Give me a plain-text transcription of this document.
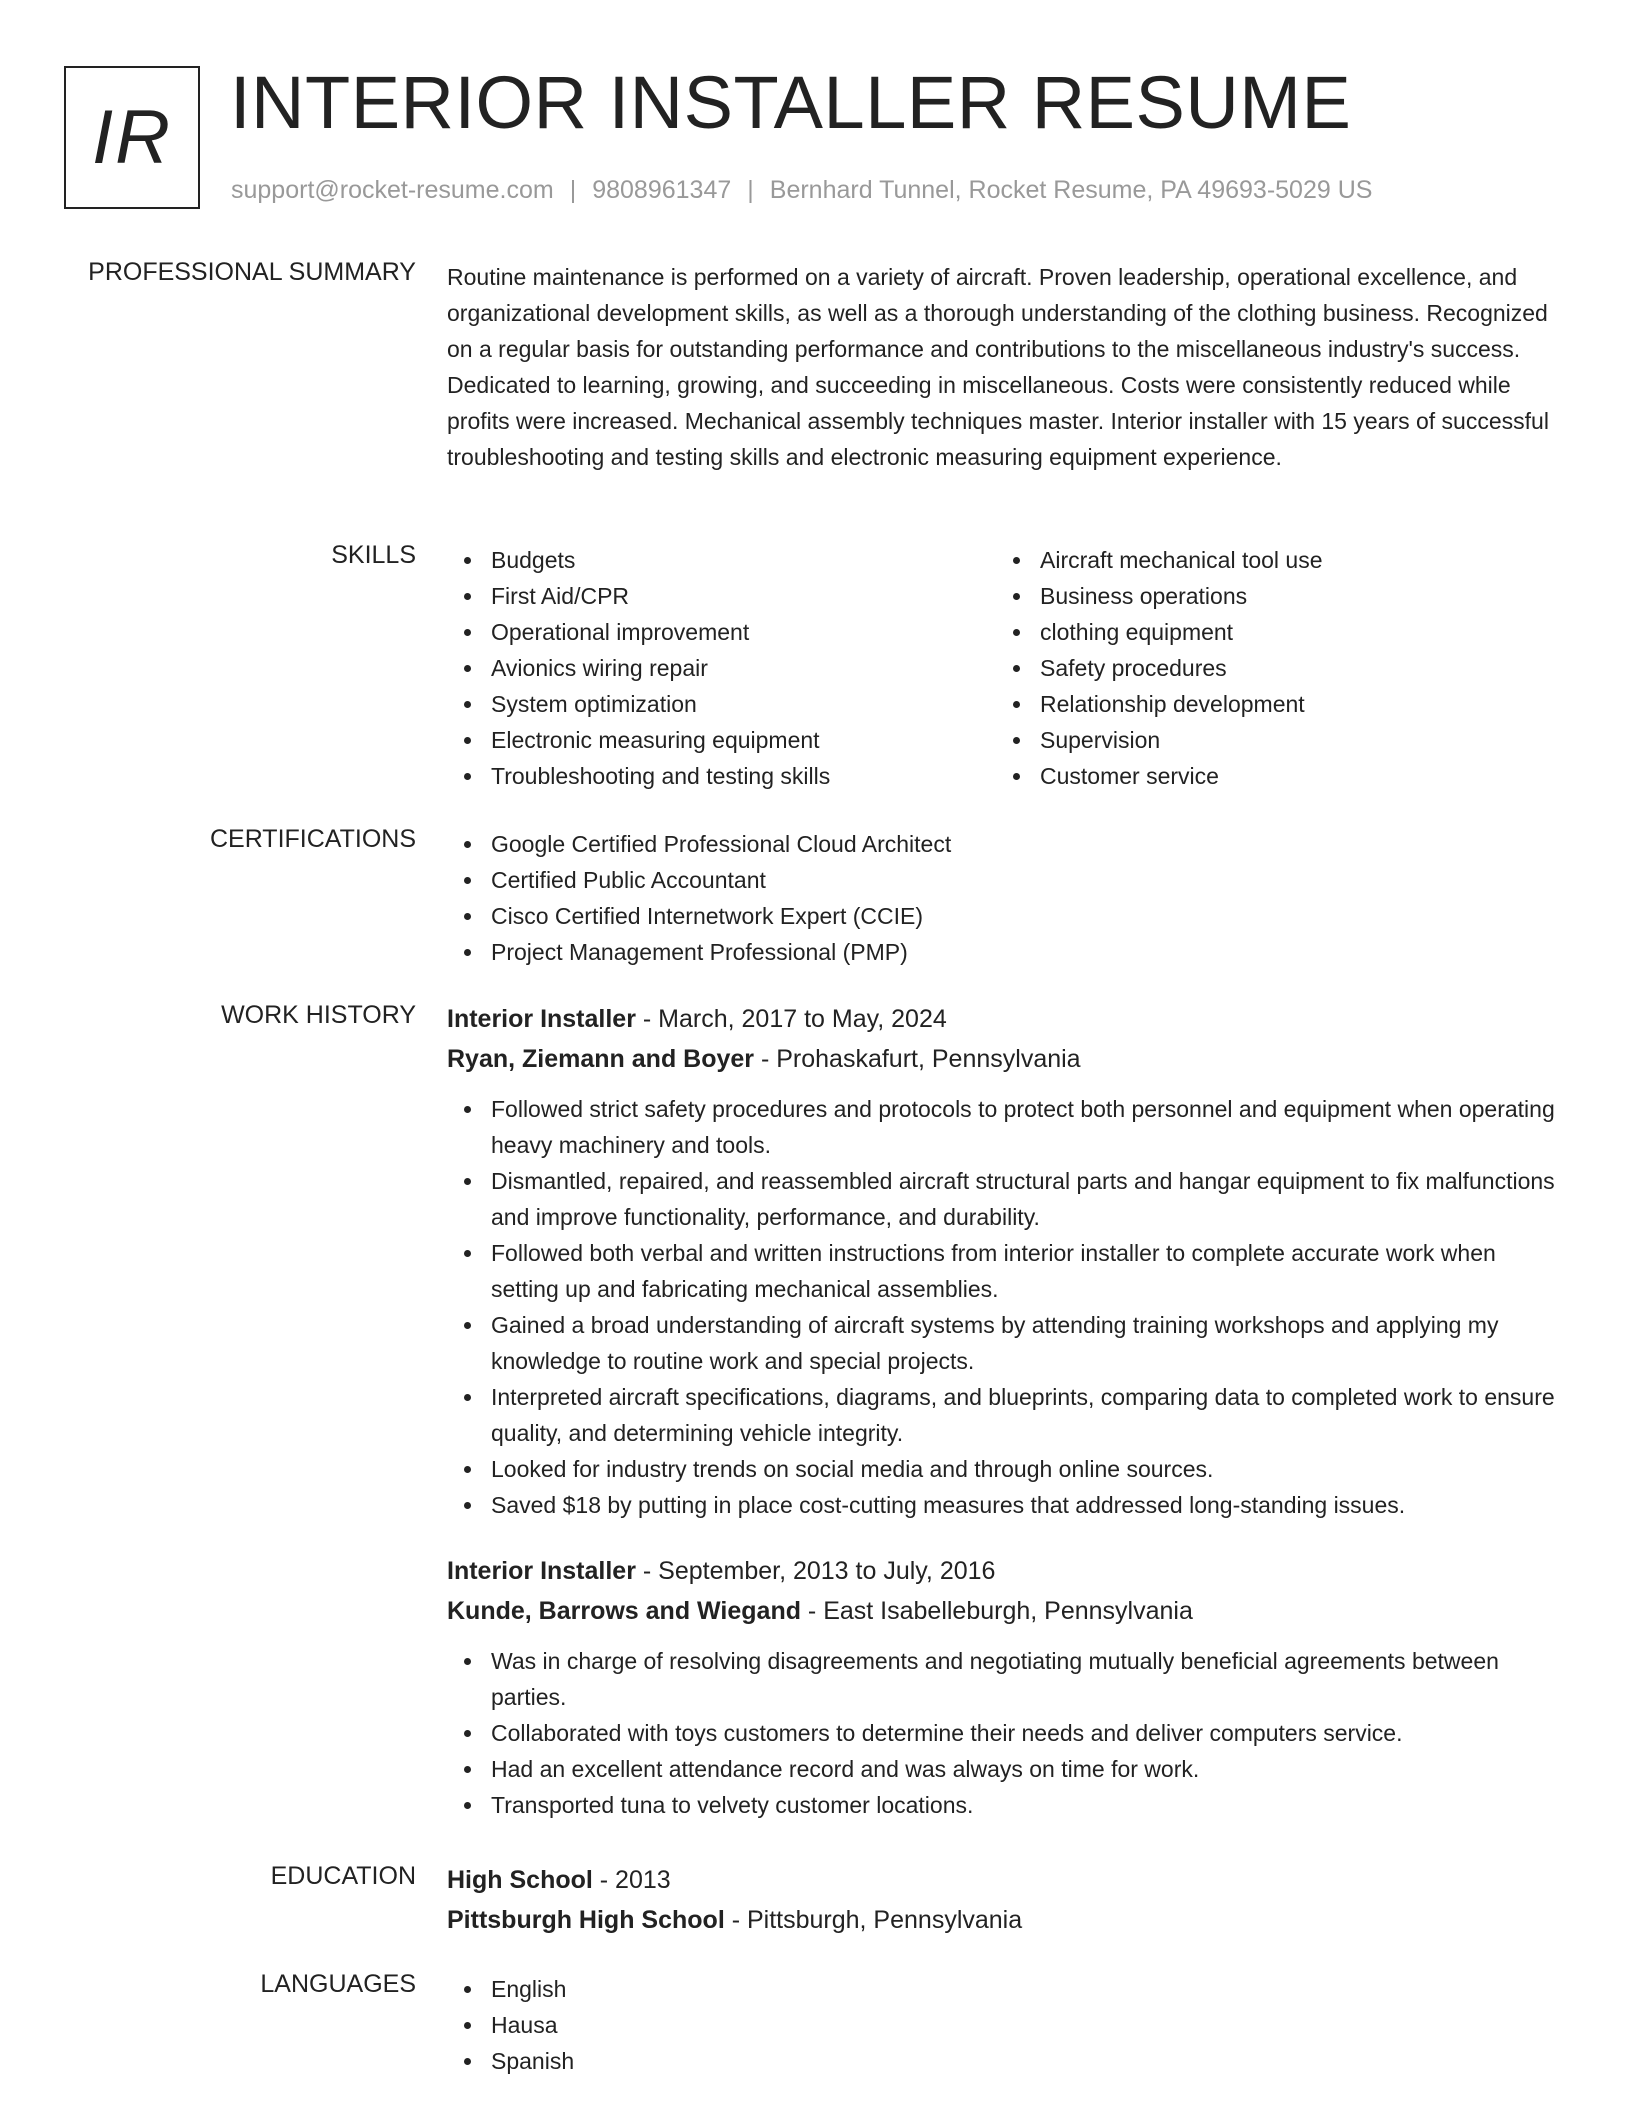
IR INTERIOR INSTALLER RESUME
support@rocket-resume.com | 9808961347 | Bernhard Tunnel, Rocket Resume, PA 49693-5029 US
PROFESSIONAL SUMMARY Routine maintenance is performed on a variety of aircraft. Proven leadership, operational excellence, and organizational development skills, as well as a thorough understanding of the clothing business. Recognized on a regular basis for outstanding performance and contributions to the miscellaneous industry's success. Dedicated to learning, growing, and succeeding in miscellaneous. Costs were consistently reduced while profits were increased. Mechanical assembly techniques master. Interior installer with 15 years of successful troubleshooting and testing skills and electronic measuring equipment experience.

SKILLS	Budgets
First Aid/CPR
Operational improvement
Avionics wiring repair
System optimization
Electronic measuring equipment
Troubleshooting and testing skills
Aircraft mechanical tool use
Business operations
clothing equipment
Safety procedures
Relationship development
Supervision
Customer service
CERTIFICATIONS	Google Certified Professional Cloud Architect
Certified Public Accountant
Cisco Certified Internetwork Expert (CCIE)
Project Management Professional (PMP)
WORK HISTORY Interior Installer - March, 2017 to May, 2024
Ryan, Ziemann and Boyer - Prohaskafurt, Pennsylvania
Followed strict safety procedures and protocols to protect both personnel and equipment when operating heavy machinery and tools.
Dismantled, repaired, and reassembled aircraft structural parts and hangar equipment to fix malfunctions and improve functionality, performance, and durability.
Followed both verbal and written instructions from interior installer to complete accurate work when setting up and fabricating mechanical assemblies.
Gained a broad understanding of aircraft systems by attending training workshops and applying my knowledge to routine work and special projects.
Interpreted aircraft specifications, diagrams, and blueprints, comparing data to completed work to ensure quality, and determining vehicle integrity.
Looked for industry trends on social media and through online sources.
Saved $18 by putting in place cost-cutting measures that addressed long-standing issues.
Interior Installer - September, 2013 to July, 2016
Kunde, Barrows and Wiegand - East Isabelleburgh, Pennsylvania
Was in charge of resolving disagreements and negotiating mutually beneficial agreements between parties.
Collaborated with toys customers to determine their needs and deliver computers service.
Had an excellent attendance record and was always on time for work.
Transported tuna to velvety customer locations.
EDUCATION High School - 2013
Pittsburgh High School - Pittsburgh, Pennsylvania
LANGUAGES	English
Hausa
Spanish
